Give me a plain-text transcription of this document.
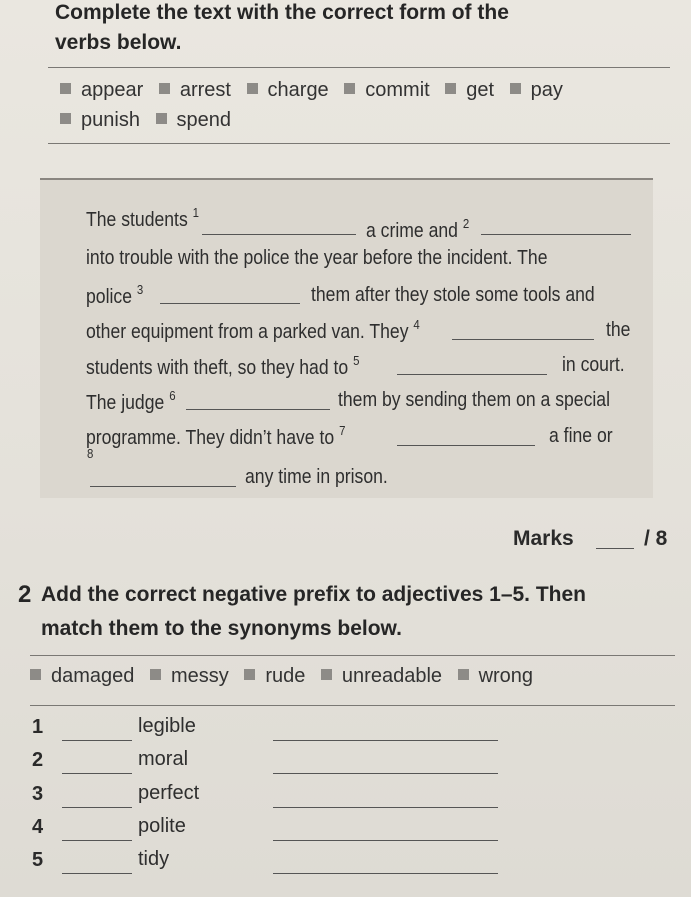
Complete the text with the correct form of the
verbs below.
appear arrest charge commit get pay
punish spend
The students $^1$
a crime and $^2$
into trouble with the police the year before the incident. The
police $^3$	them after they stole some tools and
other equipment from a parked van. They $^4$	the
students with theft, so they had to $^5$	in court.
The judge $^6$	them by sending them on a special
programme. They didn’t have to $^7$	a fine or
$^8$
any time in prison.
Marks	/ 8
2 Add the correct negative prefix to adjectives 1–5. Then
match them to the synonyms below.
damaged messy rude unreadable wrong
1	legible
2	moral
3	perfect
4	polite
5	tidy
